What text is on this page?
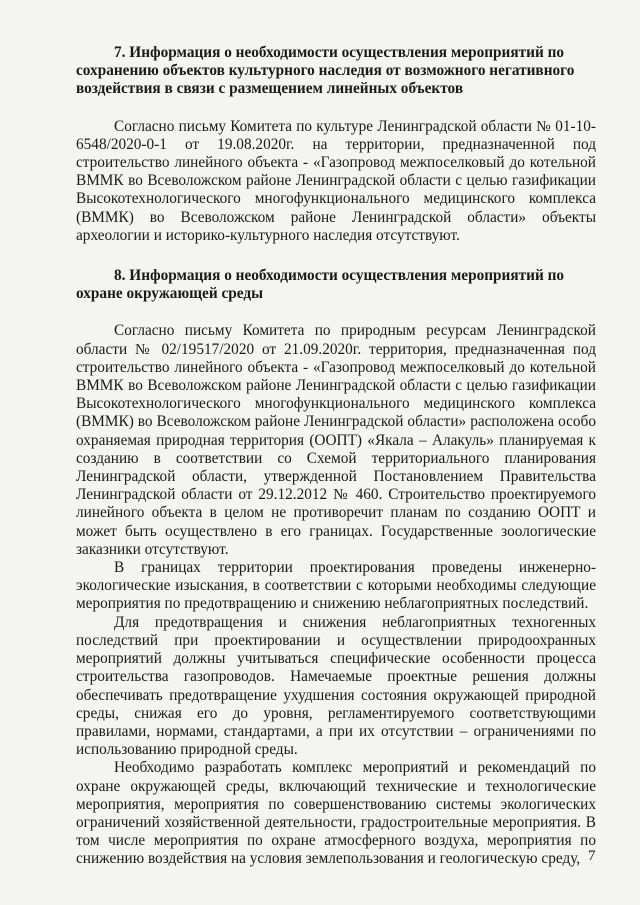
7. Информация о необходимости осуществления мероприятий по сохранению объектов культурного наследия от возможного негативного воздействия в связи с размещением линейных объектов

Согласно письму Комитета по культуре Ленинградской области № 01-10-6548/2020-0-1 от 19.08.2020г. на территории, предназначенной под строительство линейного объекта - «Газопровод межпоселковый до котельной ВММК во Всеволожском районе Ленинградской области с целью газификации Высокотехнологического многофункционального медицинского комплекса (ВММК) во Всеволожском районе Ленинградской области» объекты археологии и историко-культурного наследия отсутствуют.

8. Информация о необходимости осуществления мероприятий по охране окружающей среды

Согласно письму Комитета по природным ресурсам Ленинградской области № 02/19517/2020 от 21.09.2020г. территория, предназначенная под строительство линейного объекта - «Газопровод межпоселковый до котельной ВММК во Всеволожском районе Ленинградской области с целью газификации Высокотехнологического многофункционального медицинского комплекса (ВММК) во Всеволожском районе Ленинградской области» расположена особо охраняемая природная территория (ООПТ) «Якала – Алакуль» планируемая к созданию в соответствии со Схемой территориального планирования Ленинградской области, утвержденной Постановлением Правительства Ленинградской области от 29.12.2012 № 460. Строительство проектируемого линейного объекта в целом не противоречит планам по созданию ООПТ и может быть осуществлено в его границах. Государственные зоологические заказники отсутствуют.

В границах территории проектирования проведены инженерно-экологические изыскания, в соответствии с которыми необходимы следующие мероприятия по предотвращению и снижению неблагоприятных последствий.

Для предотвращения и снижения неблагоприятных техногенных последствий при проектировании и осуществлении природоохранных мероприятий должны учитываться специфические особенности процесса строительства газопроводов. Намечаемые проектные решения должны обеспечивать предотвращение ухудшения состояния окружающей природной среды, снижая его до уровня, регламентируемого соответствующими правилами, нормами, стандартами, а при их отсутствии – ограничениями по использованию природной среды.

Необходимо разработать комплекс мероприятий и рекомендаций по охране окружающей среды, включающий технические и технологические мероприятия, мероприятия по совершенствованию системы экологических ограничений хозяйственной деятельности, градостроительные мероприятия. В том числе мероприятия по охране атмосферного воздуха, мероприятия по снижению воздействия на условия землепользования и геологическую среду, 7
